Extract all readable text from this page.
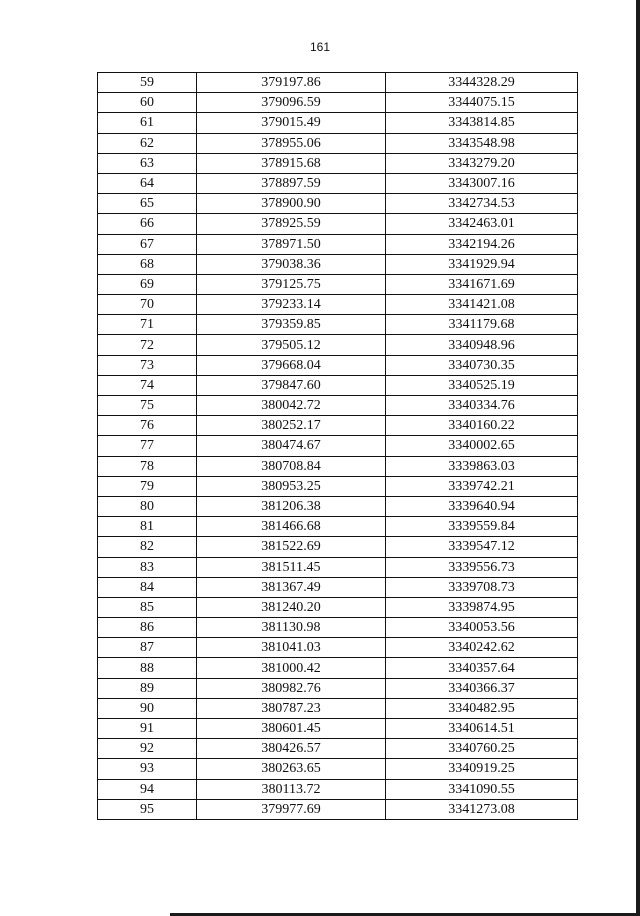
161
59	379197.86	3344328.29
60	379096.59	3344075.15
61	379015.49	3343814.85
62	378955.06	3343548.98
63	378915.68	3343279.20
64	378897.59	3343007.16
65	378900.90	3342734.53
66	378925.59	3342463.01
67	378971.50	3342194.26
68	379038.36	3341929.94
69	379125.75	3341671.69
70	379233.14	3341421.08
71	379359.85	3341179.68
72	379505.12	3340948.96
73	379668.04	3340730.35
74	379847.60	3340525.19
75	380042.72	3340334.76
76	380252.17	3340160.22
77	380474.67	3340002.65
78	380708.84	3339863.03
79	380953.25	3339742.21
80	381206.38	3339640.94
81	381466.68	3339559.84
82	381522.69	3339547.12
83	381511.45	3339556.73
84	381367.49	3339708.73
85	381240.20	3339874.95
86	381130.98	3340053.56
87	381041.03	3340242.62
88	381000.42	3340357.64
89	380982.76	3340366.37
90	380787.23	3340482.95
91	380601.45	3340614.51
92	380426.57	3340760.25
93	380263.65	3340919.25
94	380113.72	3341090.55
95	379977.69	3341273.08
